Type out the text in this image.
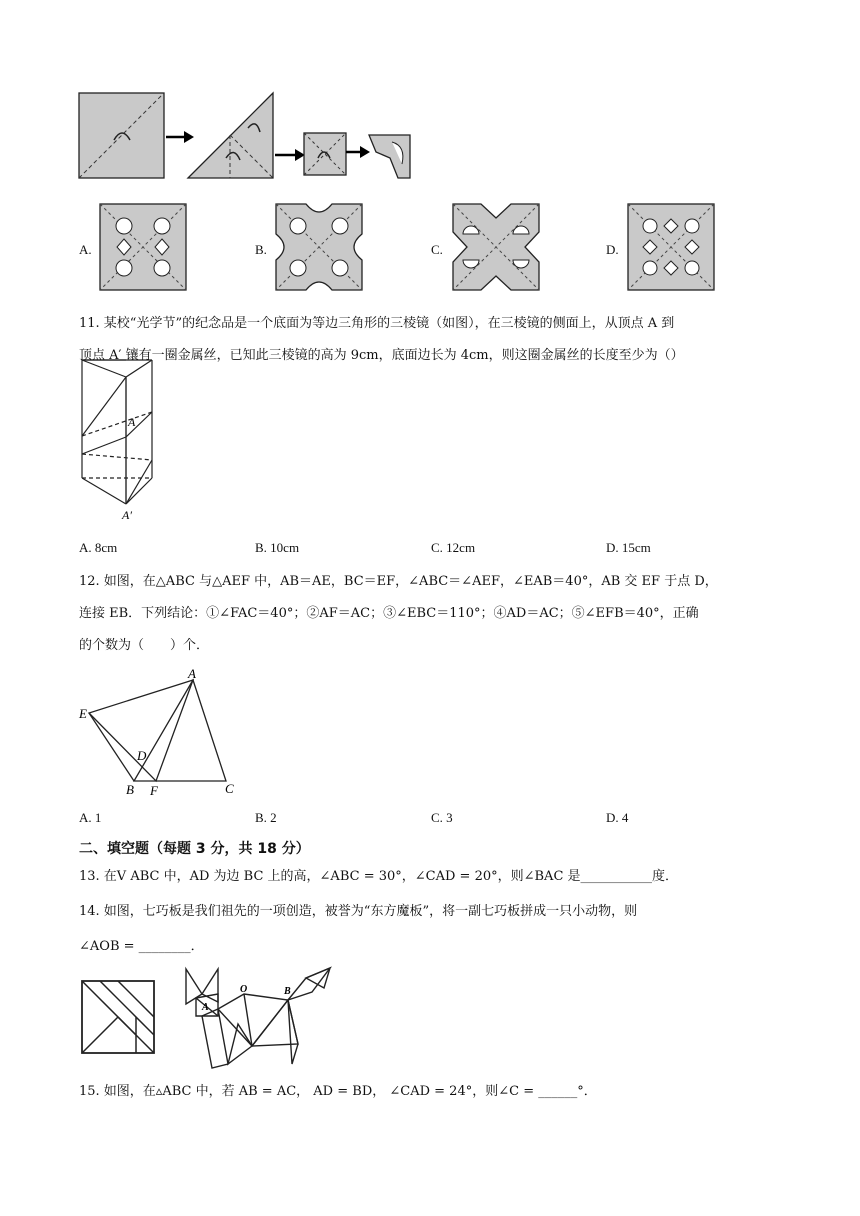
A.	B.	C.	D.
11. 某校“光学节”的纪念品是一个底面为等边三角形的三棱镜（如图），在三棱镜的侧面上，从顶点 A 到
顶点 A′ 镶有一圈金属丝，已知此三棱镜的高为 9cm，底面边长为 4cm，则这圈金属丝的长度至少为（）
A
A′
A. 8cm	B. 10cm	C. 12cm	D. 15cm
12. 如图，在△ABC 与△AEF 中，AB＝AE，BC＝EF，∠ABC＝∠AEF，∠EAB＝40°，AB 交 EF 于点 D，
连接 EB．下列结论：①∠FAC＝40°；②AF＝AC；③∠EBC＝110°；④AD＝AC；⑤∠EFB＝40°，正确
的个数为（　　）个．
A
E
D
B F	C
A. 1	B. 2	C. 3	D. 4
二、填空题（每题 3 分，共 18 分）
13. 在V ABC 中，AD 为边 BC 上的高，∠ABC = 30°，∠CAD = 20°，则∠BAC 是___________度．
14. 如图，七巧板是我们祖先的一项创造，被誉为“东方魔板”，将一副七巧板拼成一只小动物，则
∠AOB = ________．
A
O	B
15. 如图，在▵ABC 中，若 AB = AC， AD = BD， ∠CAD = 24°，则∠C = ______°．
